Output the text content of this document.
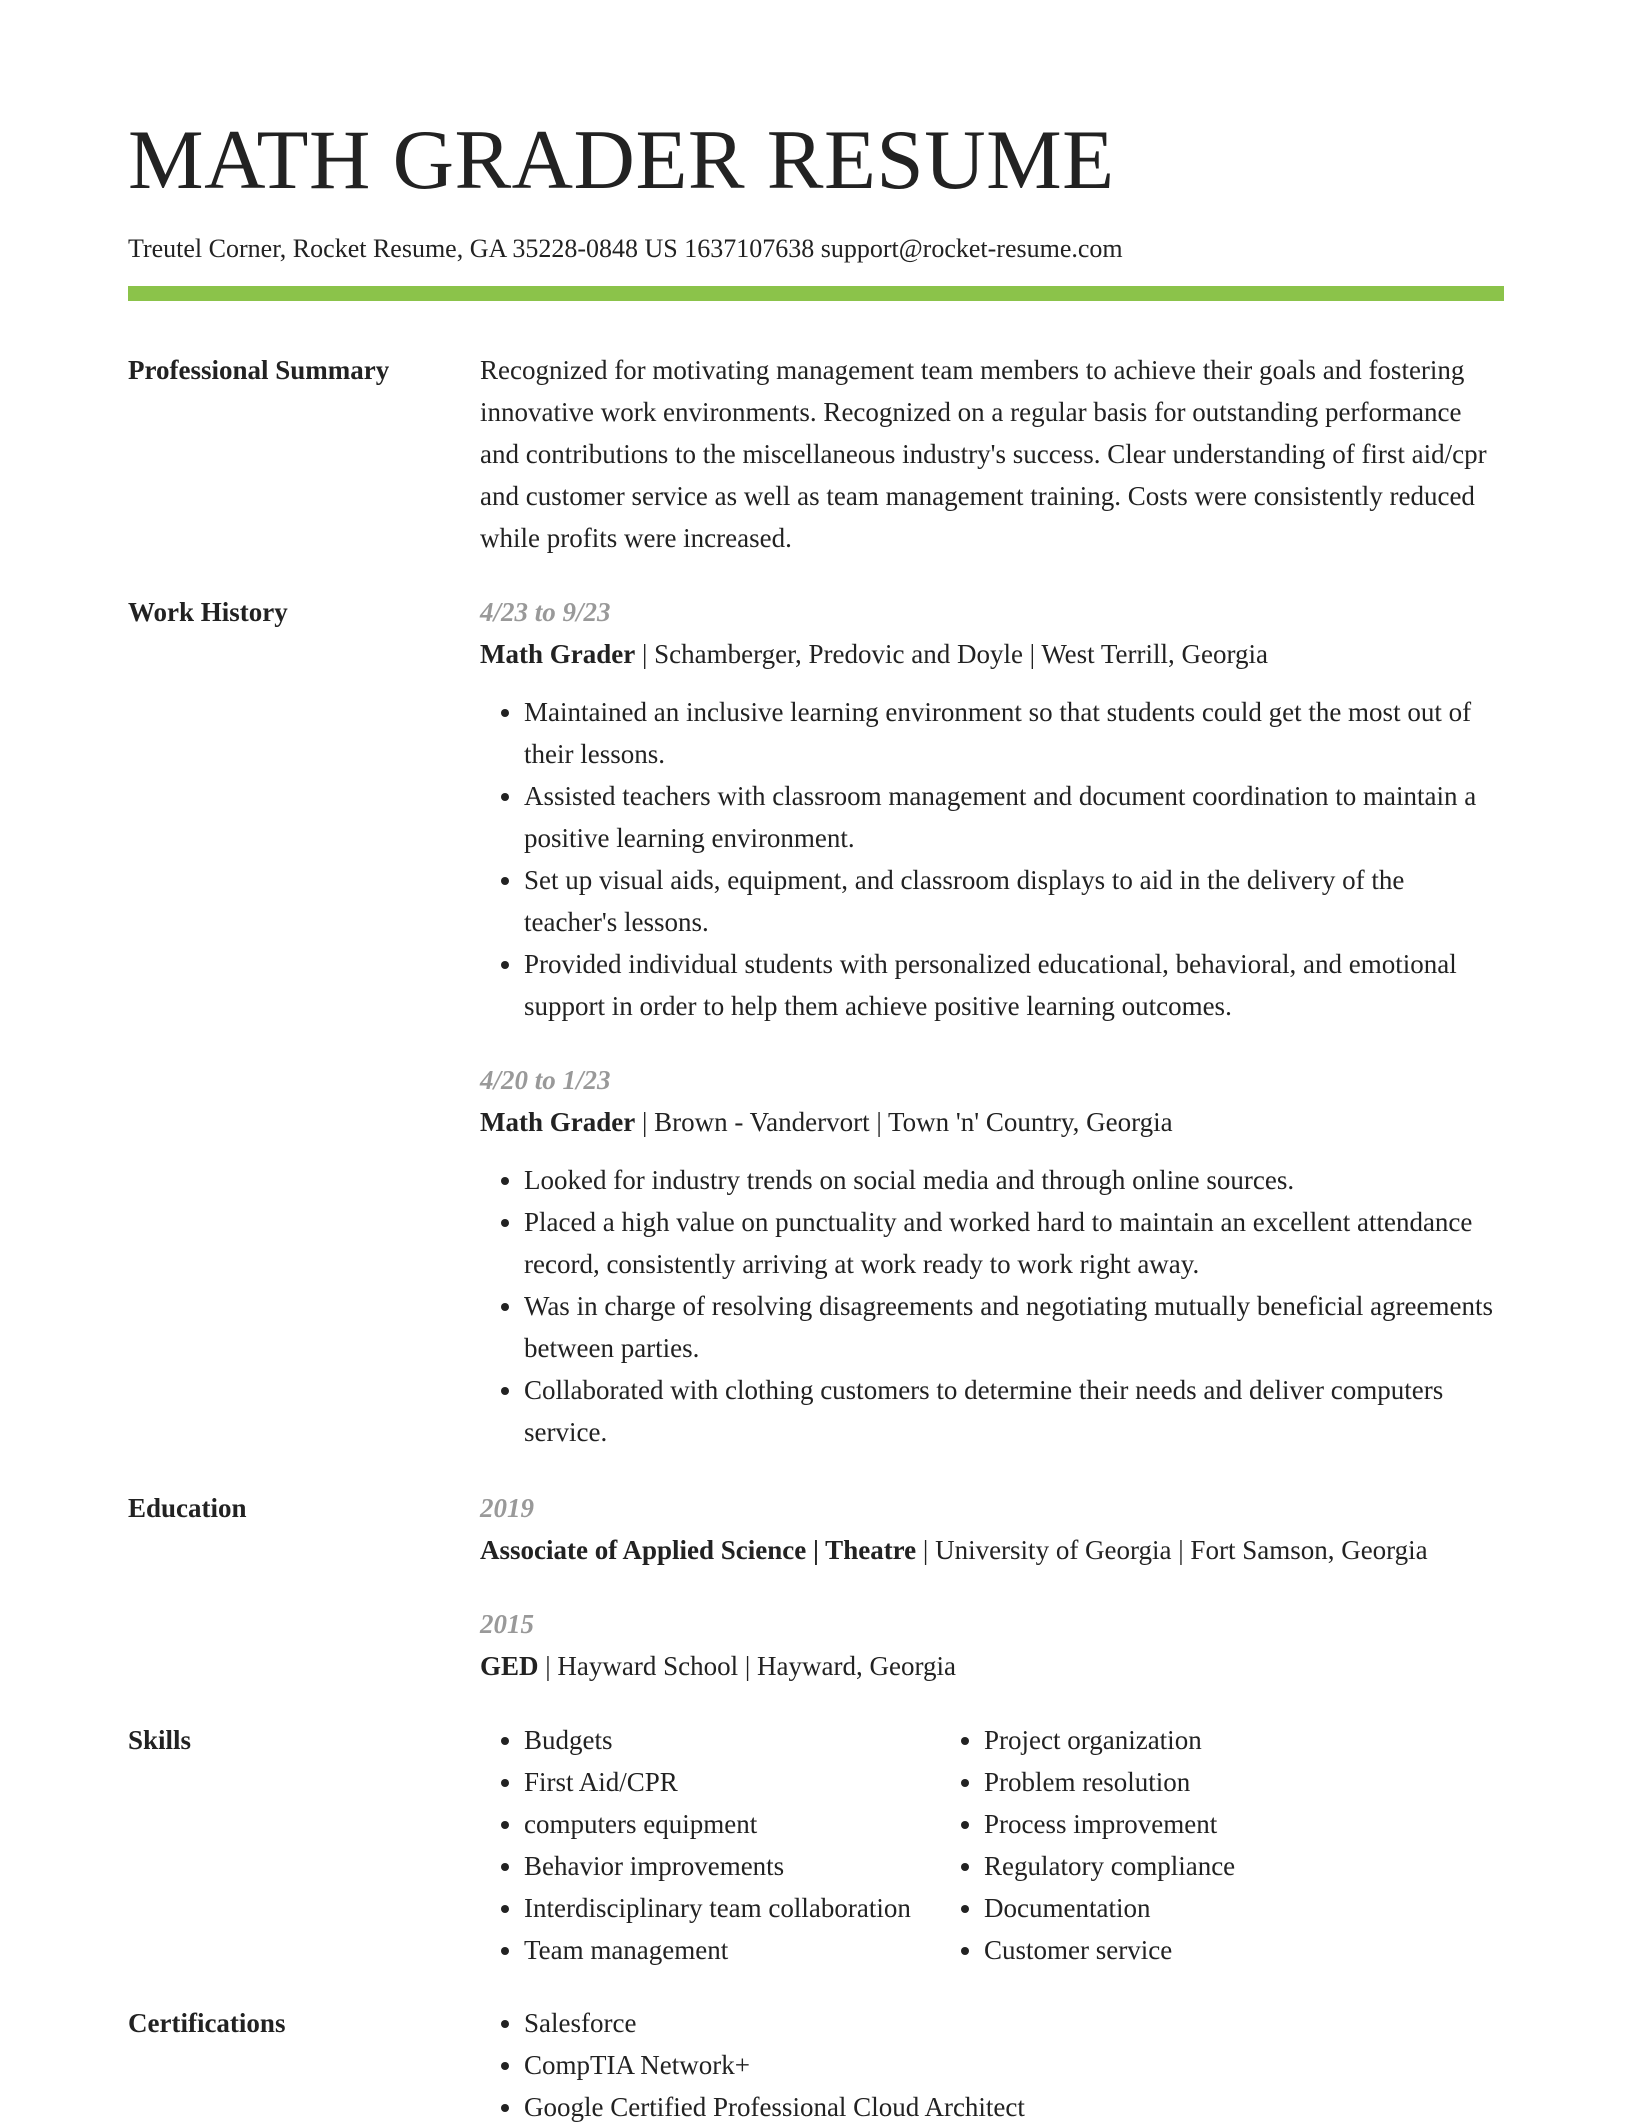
MATH GRADER RESUME
Treutel Corner, Rocket Resume, GA 35228-0848 US 1637107638 support@rocket-resume.com
Professional Summary	Recognized for motivating management team members to achieve their goals and fostering innovative work environments. Recognized on a regular basis for outstanding performance and contributions to the miscellaneous industry's success. Clear understanding of first aid/cpr and customer service as well as team management training. Costs were consistently reduced while profits were increased.

Work History	4/23 to 9/23
Math Grader | Schamberger, Predovic and Doyle | West Terrill, Georgia
• Maintained an inclusive learning environment so that students could get the most out of their lessons.
• Assisted teachers with classroom management and document coordination to maintain a positive learning environment.
• Set up visual aids, equipment, and classroom displays to aid in the delivery of the teacher's lessons.
• Provided individual students with personalized educational, behavioral, and emotional support in order to help them achieve positive learning outcomes.
4/20 to 1/23
Math Grader | Brown - Vandervort | Town 'n' Country, Georgia
• Looked for industry trends on social media and through online sources.
• Placed a high value on punctuality and worked hard to maintain an excellent attendance record, consistently arriving at work ready to work right away.
• Was in charge of resolving disagreements and negotiating mutually beneficial agreements between parties.
• Collaborated with clothing customers to determine their needs and deliver computers service.
Education	2019
Associate of Applied Science | Theatre | University of Georgia | Fort Samson, Georgia
2015
GED | Hayward School | Hayward, Georgia
Skills	• Budgets
• First Aid/CPR
• computers equipment
• Behavior improvements
• Interdisciplinary team collaboration
• Team management
• Project organization
• Problem resolution
• Process improvement
• Regulatory compliance
• Documentation
• Customer service
Certifications	• Salesforce
• CompTIA Network+
• Google Certified Professional Cloud Architect
